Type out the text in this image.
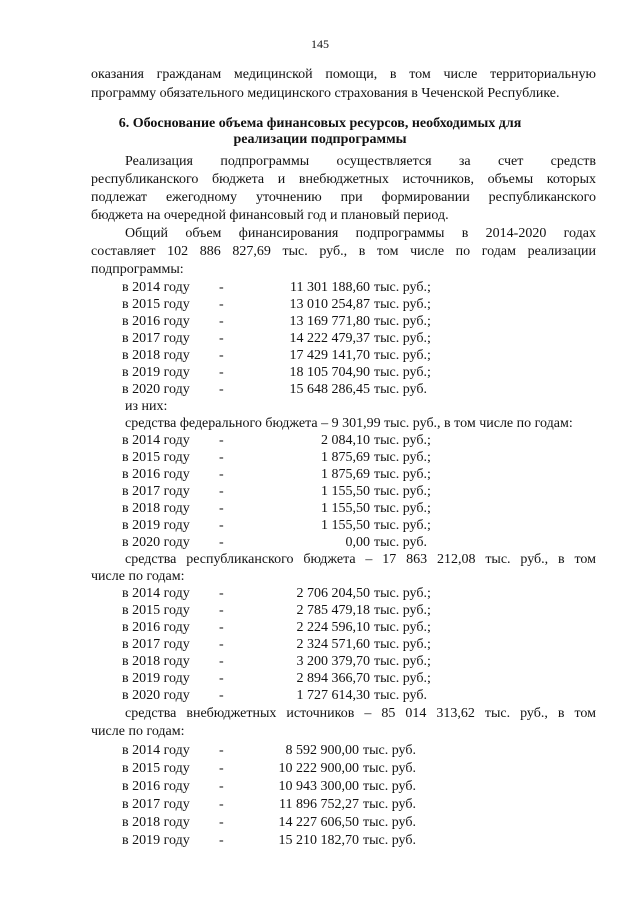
145
оказания гражданам медицинской помощи, в том числе территориальную
программу обязательного медицинского страхования в Чеченской Республике.
6. Обоснование объема финансовых ресурсов, необходимых для
реализации подпрограммы
Реализация подпрограммы осуществляется за счет средств
республиканского бюджета и внебюджетных источников, объемы которых
подлежат ежегодному уточнению при формировании республиканского
бюджета на очередной финансовый год и плановый период.
Общий объем финансирования подпрограммы в 2014-2020 годах
составляет 102 886 827,69 тыс. руб., в том числе по годам реализации
подпрограммы:
в 2014 году -	11 301 188,60 тыс. руб.;
в 2015 году -	13 010 254,87 тыс. руб.;
в 2016 году -	13 169 771,80 тыс. руб.;
в 2017 году -	14 222 479,37 тыс. руб.;
в 2018 году -	17 429 141,70 тыс. руб.;
в 2019 году -	18 105 704,90 тыс. руб.;
в 2020 году -	15 648 286,45 тыс. руб.
из них:
средства федерального бюджета – 9 301,99 тыс. руб., в том числе по годам:
в 2014 году -	2 084,10 тыс. руб.;
в 2015 году -	1 875,69 тыс. руб.;
в 2016 году -	1 875,69 тыс. руб.;
в 2017 году -	1 155,50 тыс. руб.;
в 2018 году -	1 155,50 тыс. руб.;
в 2019 году -	1 155,50 тыс. руб.;
в 2020 году -	0,00 тыс. руб.
средства республиканского бюджета – 17 863 212,08 тыс. руб., в том
числе по годам:
в 2014 году -	2 706 204,50 тыс. руб.;
в 2015 году -	2 785 479,18 тыс. руб.;
в 2016 году -	2 224 596,10 тыс. руб.;
в 2017 году -	2 324 571,60 тыс. руб.;
в 2018 году -	3 200 379,70 тыс. руб.;
в 2019 году -	2 894 366,70 тыс. руб.;
в 2020 году -	1 727 614,30 тыс. руб.
средства внебюджетных источников – 85 014 313,62 тыс. руб., в том
числе по годам:
в 2014 году -	8 592 900,00 тыс. руб.
в 2015 году -	10 222 900,00 тыс. руб.
в 2016 году -	10 943 300,00 тыс. руб.
в 2017 году -	11 896 752,27 тыс. руб.
в 2018 году -	14 227 606,50 тыс. руб.
в 2019 году -	15 210 182,70 тыс. руб.
